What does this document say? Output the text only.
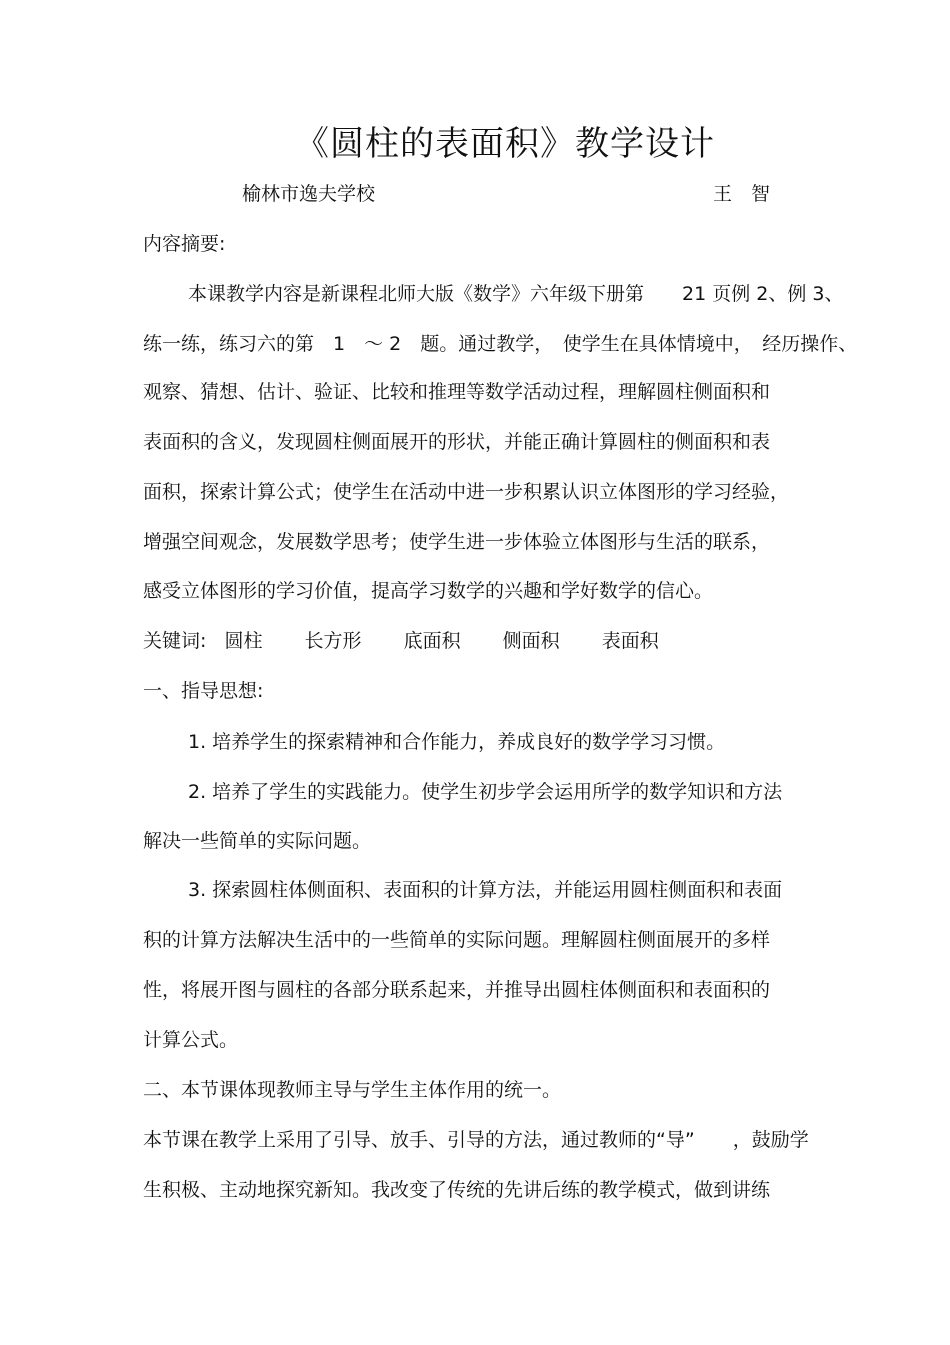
《圆柱的表面积》教学设计
榆林市逸夫学校	王　智
内容摘要:
本课教学内容是新课程北师大版《数学》六年级下册第　　21 页例 2、例 3、
练一练，练习六的第　1　～ 2　题。通过教学，　使学生在具体情境中，　经历操作、
观察、猜想、估计、验证、比较和推理等数学活动过程，理解圆柱侧面积和
表面积的含义，发现圆柱侧面展开的形状，并能正确计算圆柱的侧面积和表
面积，探索计算公式；使学生在活动中进一步积累认识立体图形的学习经验，
增强空间观念，发展数学思考；使学生进一步体验立体图形与生活的联系，
感受立体图形的学习价值，提高学习数学的兴趣和学好数学的信心。
关键词: 圆柱 长方形 底面积 侧面积 表面积
一、指导思想:
1. 培养学生的探索精神和合作能力，养成良好的数学学习习惯。
2. 培养了学生的实践能力。使学生初步学会运用所学的数学知识和方法
解决一些简单的实际问题。
3. 探索圆柱体侧面积、表面积的计算方法，并能运用圆柱侧面积和表面
积的计算方法解决生活中的一些简单的实际问题。理解圆柱侧面展开的多样
性，将展开图与圆柱的各部分联系起来，并推导出圆柱体侧面积和表面积的
计算公式。
二、本节课体现教师主导与学生主体作用的统一。
本节课在教学上采用了引导、放手、引导的方法，通过教师的“导”　　，鼓励学
生积极、主动地探究新知。我改变了传统的先讲后练的教学模式，做到讲练
